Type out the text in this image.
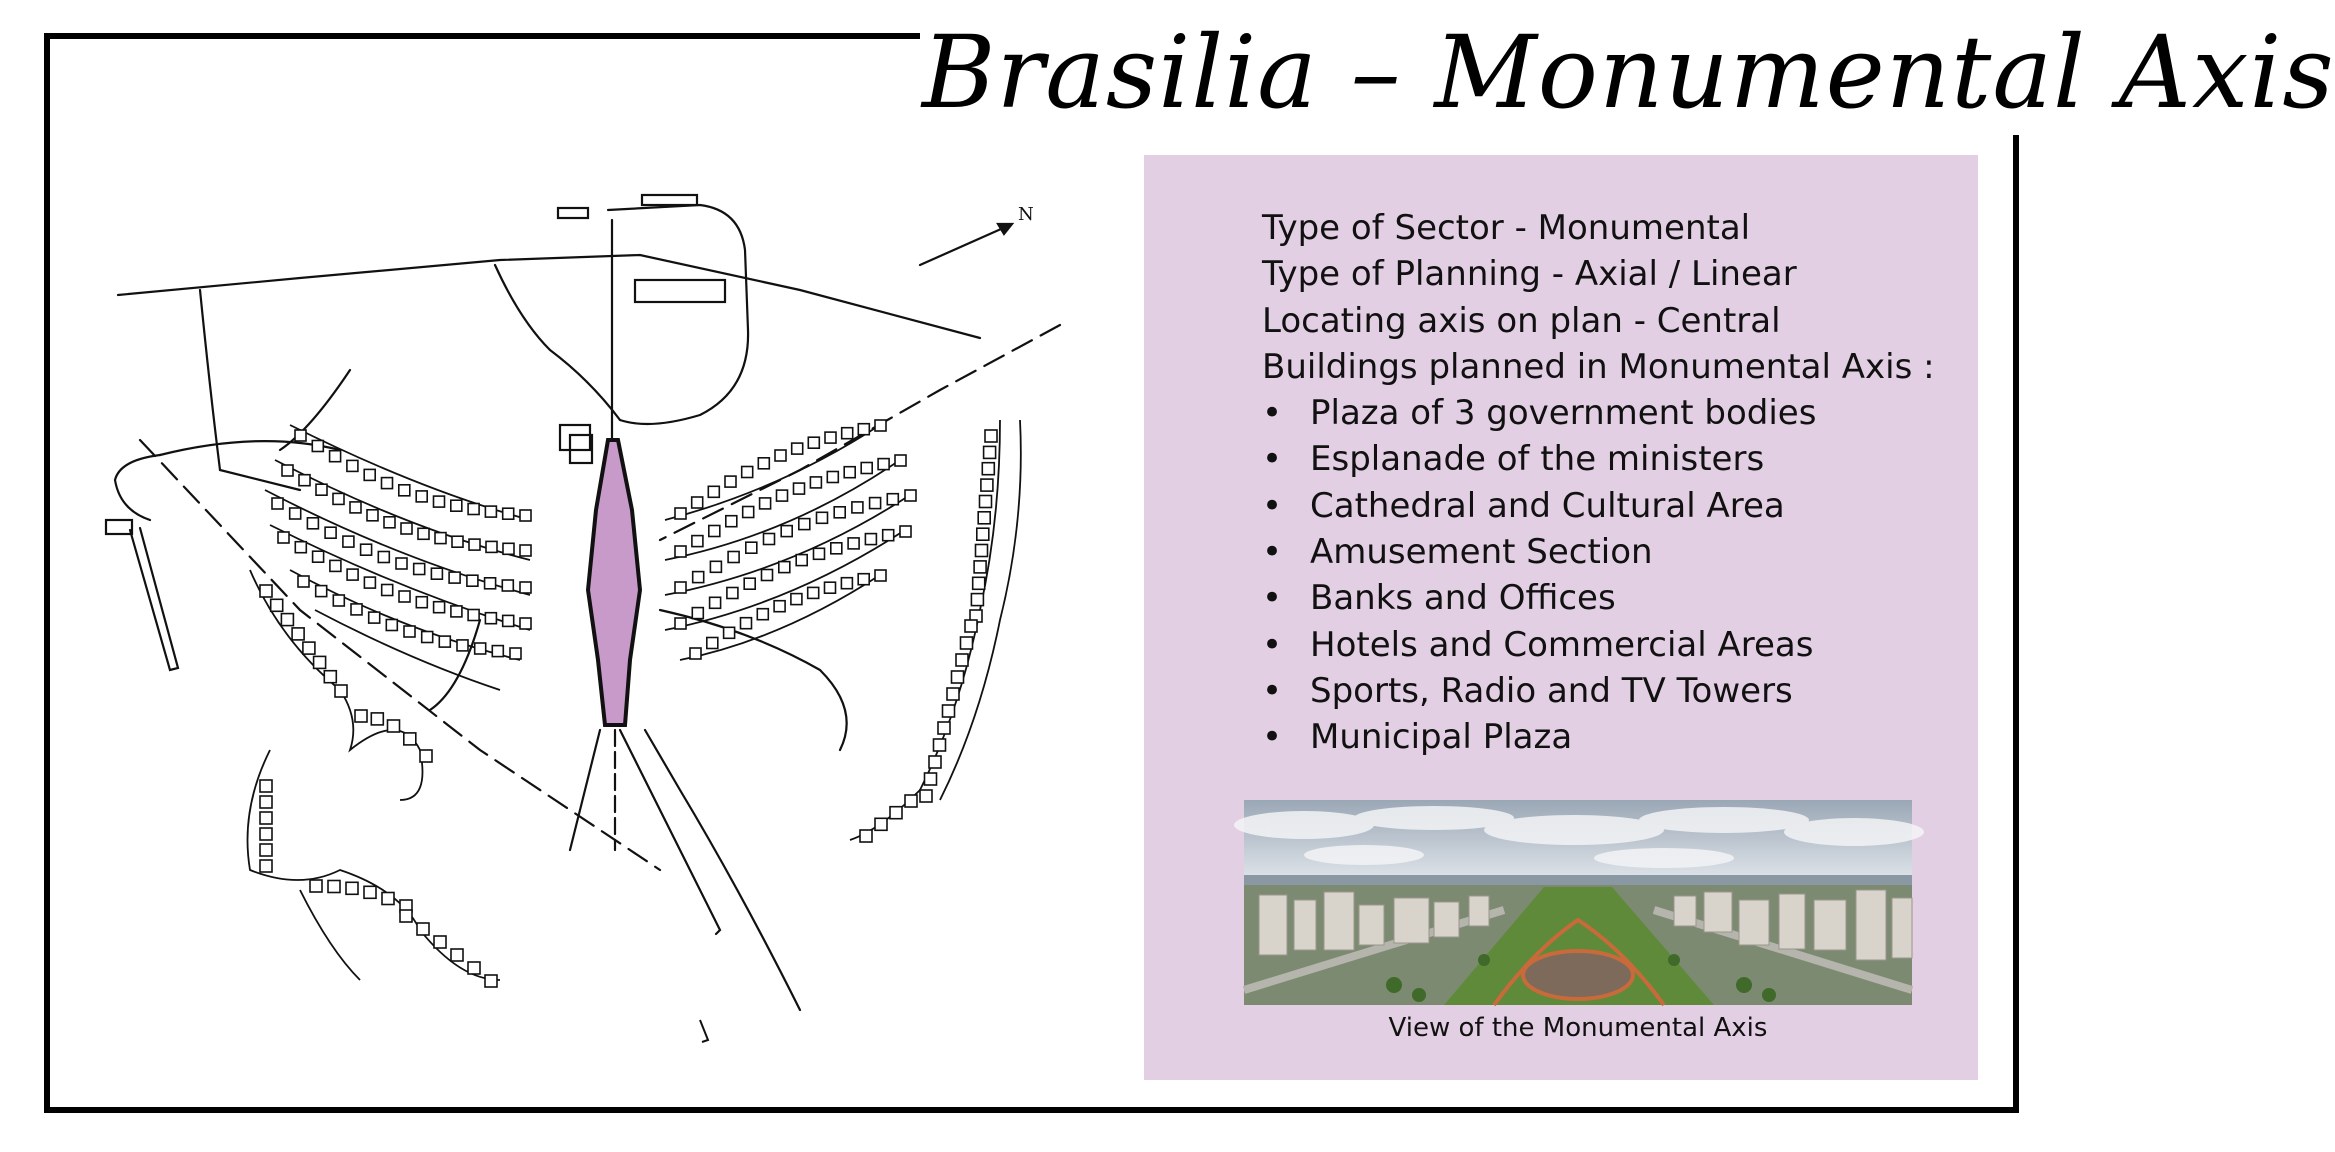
Brasilia – Monumental Axis
N	Type of Sector - Monumental
Type of Planning - Axial / Linear
Locating axis on plan - Central
Buildings planned in Monumental Axis :
• Plaza of 3 government bodies
• Esplanade of the ministers
• Cathedral and Cultural Area
• Amusement Section
• Banks and Offices
• Hotels and Commercial Areas
• Sports, Radio and TV Towers
• Municipal Plaza
View of the Monumental Axis
